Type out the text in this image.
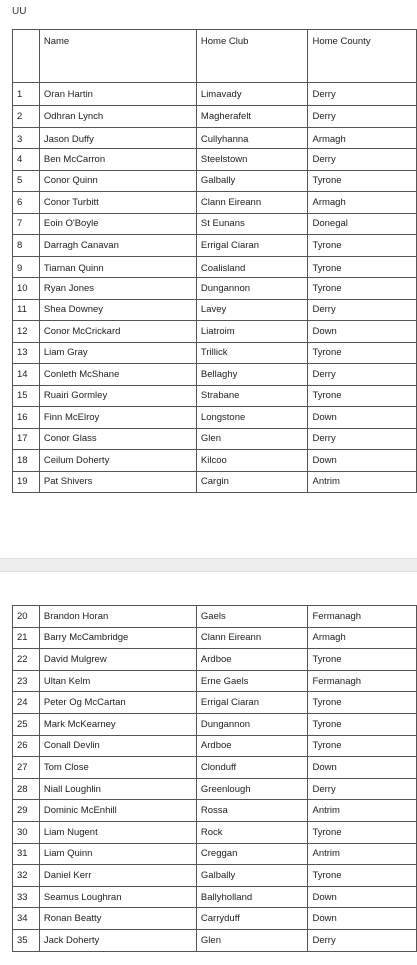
UU
	Name	Home Club	Home County
1	Oran Hartin	Limavady	Derry
2	Odhran Lynch	Magherafelt	Derry
3	Jason Duffy	Cullyhanna	Armagh
4	Ben McCarron	Steelstown	Derry
5	Conor Quinn	Galbally	Tyrone
6	Conor Turbitt	Clann Eireann	Armagh
7	Eoin O'Boyle	St Eunans	Donegal
8	Darragh Canavan	Errigal Ciaran	Tyrone
9	Tiarnan Quinn	Coalisland	Tyrone
10	Ryan Jones	Dungannon	Tyrone
11	Shea Downey	Lavey	Derry
12	Conor McCrickard	Liatroim	Down
13	Liam Gray	Trillick	Tyrone
14	Conleth McShane	Bellaghy	Derry
15	Ruairi Gormley	Strabane	Tyrone
16	Finn McElroy	Longstone	Down
17	Conor Glass	Glen	Derry
18	Ceilum Doherty	Kilcoo	Down
19	Pat Shivers	Cargin	Antrim
20	Brandon Horan	Gaels	Fermanagh
21	Barry McCambridge	Clann Eireann	Armagh
22	David Mulgrew	Ardboe	Tyrone
23	Ultan Kelm	Erne Gaels	Fermanagh
24	Peter Og McCartan	Errigal Ciaran	Tyrone
25	Mark McKearney	Dungannon	Tyrone
26	Conall Devlin	Ardboe	Tyrone
27	Tom Close	Clonduff	Down
28	Niall Loughlin	Greenlough	Derry
29	Dominic McEnhill	Rossa	Antrim
30	Liam Nugent	Rock	Tyrone
31	Liam Quinn	Creggan	Antrim
32	Daniel Kerr	Galbally	Tyrone
33	Seamus Loughran	Ballyholland	Down
34	Ronan Beatty	Carryduff	Down
35	Jack Doherty	Glen	Derry
